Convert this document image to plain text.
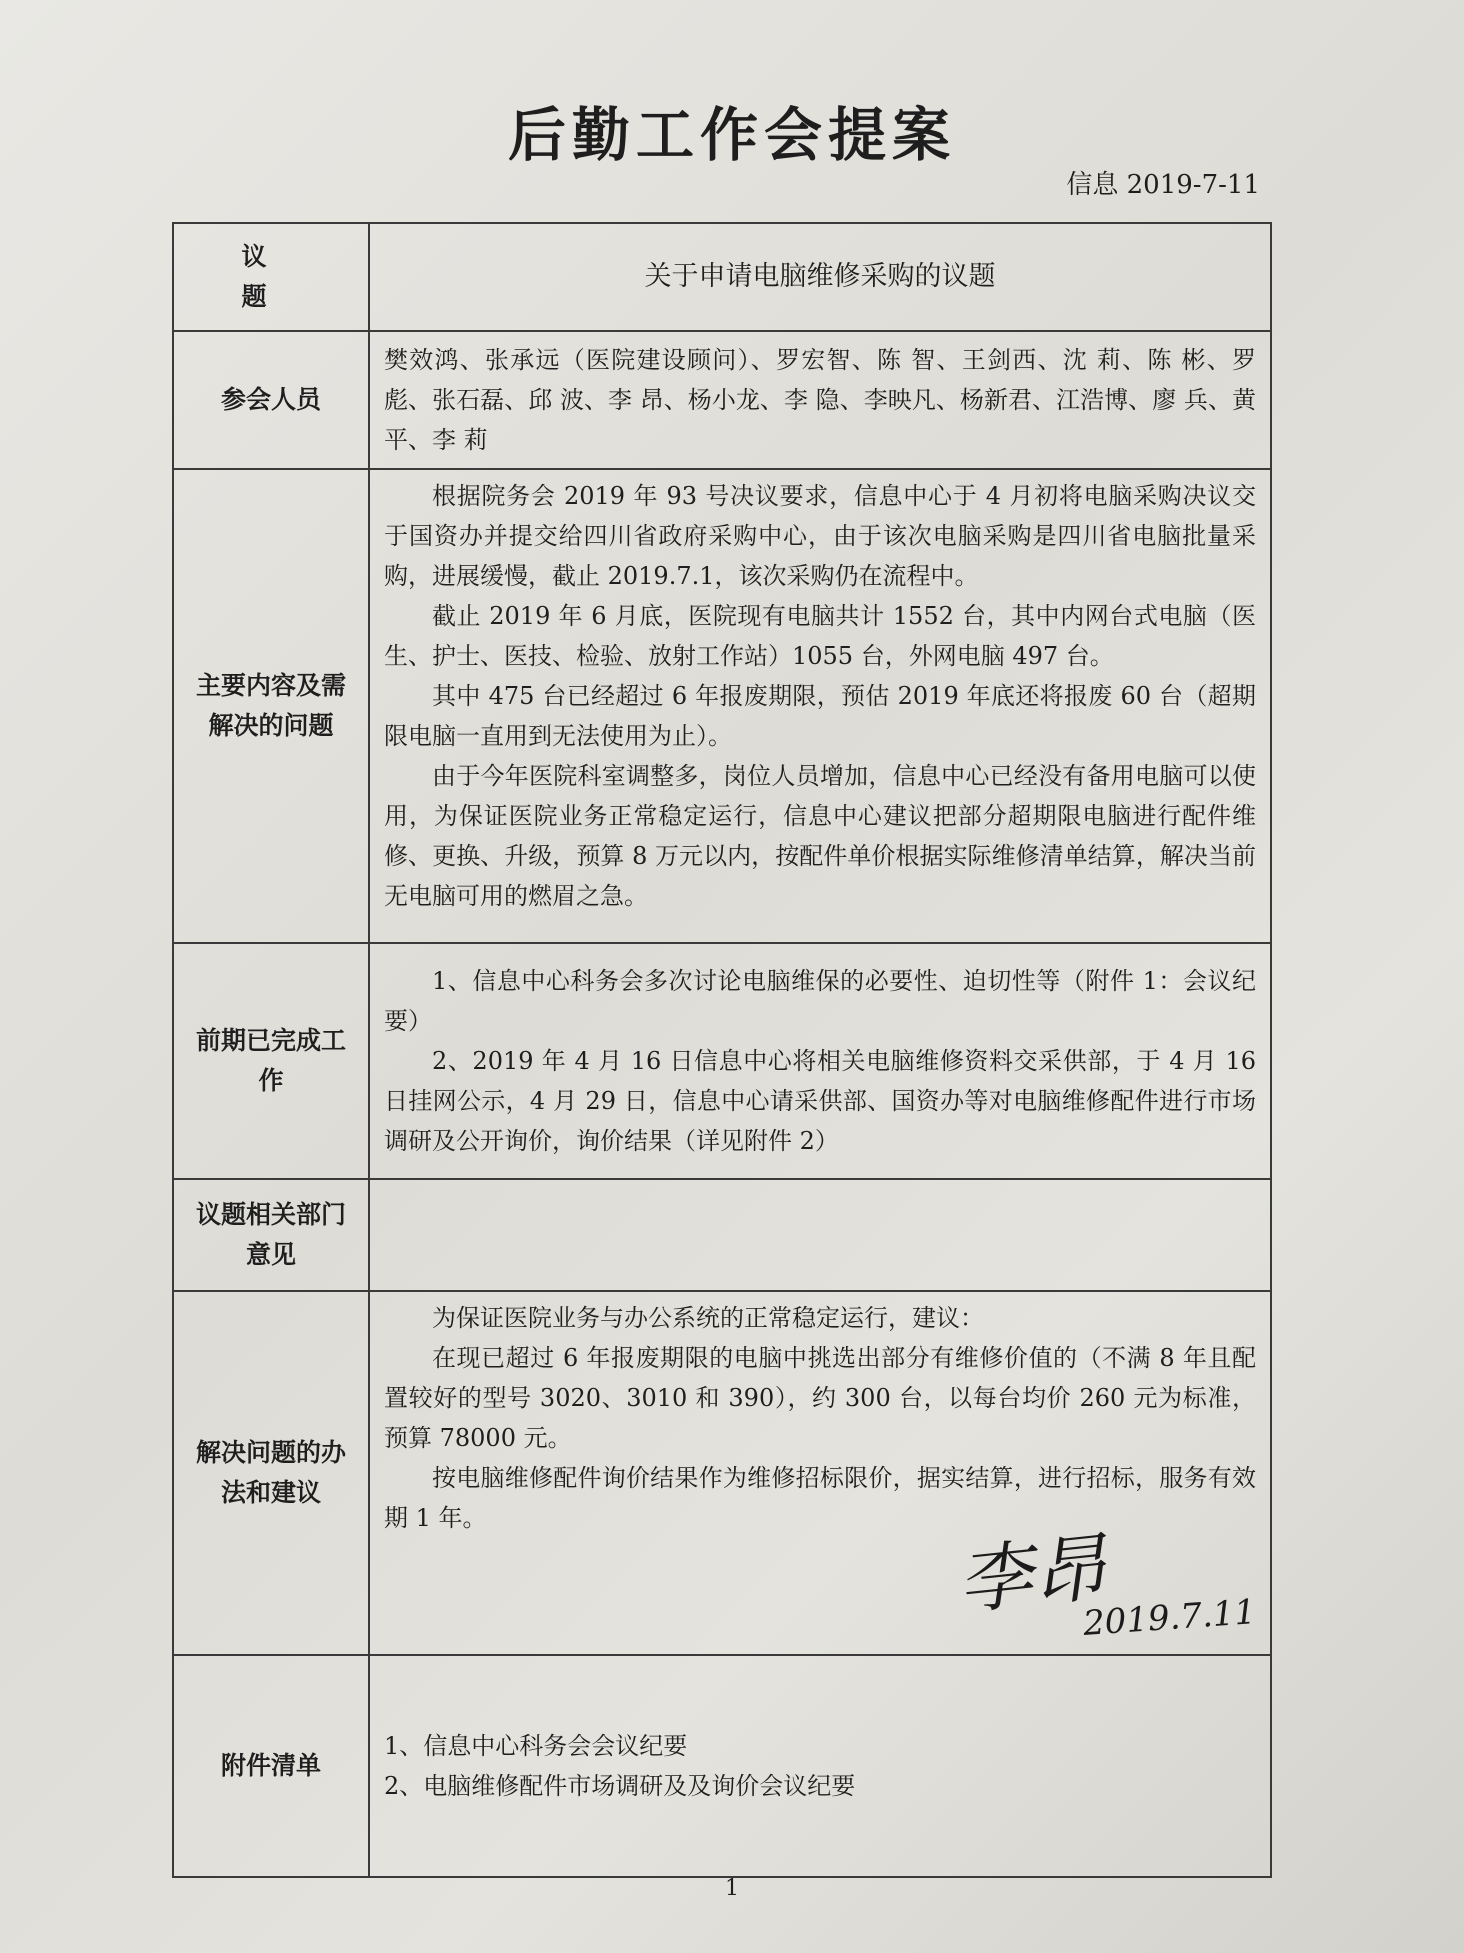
后勤工作会提案
信息 2019-7-11
议　题	关于申请电脑维修采购的议题
参会人员	樊效鸿、张承远（医院建设顾问）、罗宏智、陈 智、王剑西、沈 莉、陈 彬、罗 彪、张石磊、邱 波、李 昂、杨小龙、李 隐、李映凡、杨新君、江浩博、廖 兵、黄 平、李 莉
主要内容及需解决的问题	根据院务会 2019 年 93 号决议要求，信息中心于 4 月初将电脑采购决议交于国资办并提交给四川省政府采购中心，由于该次电脑采购是四川省电脑批量采购，进展缓慢，截止 2019.7.1，该次采购仍在流程中。

截止 2019 年 6 月底，医院现有电脑共计 1552 台，其中内网台式电脑（医生、护士、医技、检验、放射工作站）1055 台，外网电脑 497 台。

其中 475 台已经超过 6 年报废期限，预估 2019 年底还将报废 60 台（超期限电脑一直用到无法使用为止）。

由于今年医院科室调整多，岗位人员增加，信息中心已经没有备用电脑可以使用，为保证医院业务正常稳定运行，信息中心建议把部分超期限电脑进行配件维修、更换、升级，预算 8 万元以内，按配件单价根据实际维修清单结算，解决当前无电脑可用的燃眉之急。

前期已完成工作	1、信息中心科务会多次讨论电脑维保的必要性、迫切性等（附件 1：会议纪要）

2、2019 年 4 月 16 日信息中心将相关电脑维修资料交采供部，于 4 月 16 日挂网公示，4 月 29 日，信息中心请采供部、国资办等对电脑维修配件进行市场调研及公开询价，询价结果（详见附件 2）

议题相关部门意见	
解决问题的办法和建议	为保证医院业务与办公系统的正常稳定运行，建议：

在现已超过 6 年报废期限的电脑中挑选出部分有维修价值的（不满 8 年且配置较好的型号 3020、3010 和 390），约 300 台，以每台均价 260 元为标准，预算 78000 元。

按电脑维修配件询价结果作为维修招标限价，据实结算，进行招标，服务有效期 1 年。

李昂
2019.7.11

附件清单	1、信息中心科务会会议纪要

2、电脑维修配件市场调研及及询价会议纪要

1
